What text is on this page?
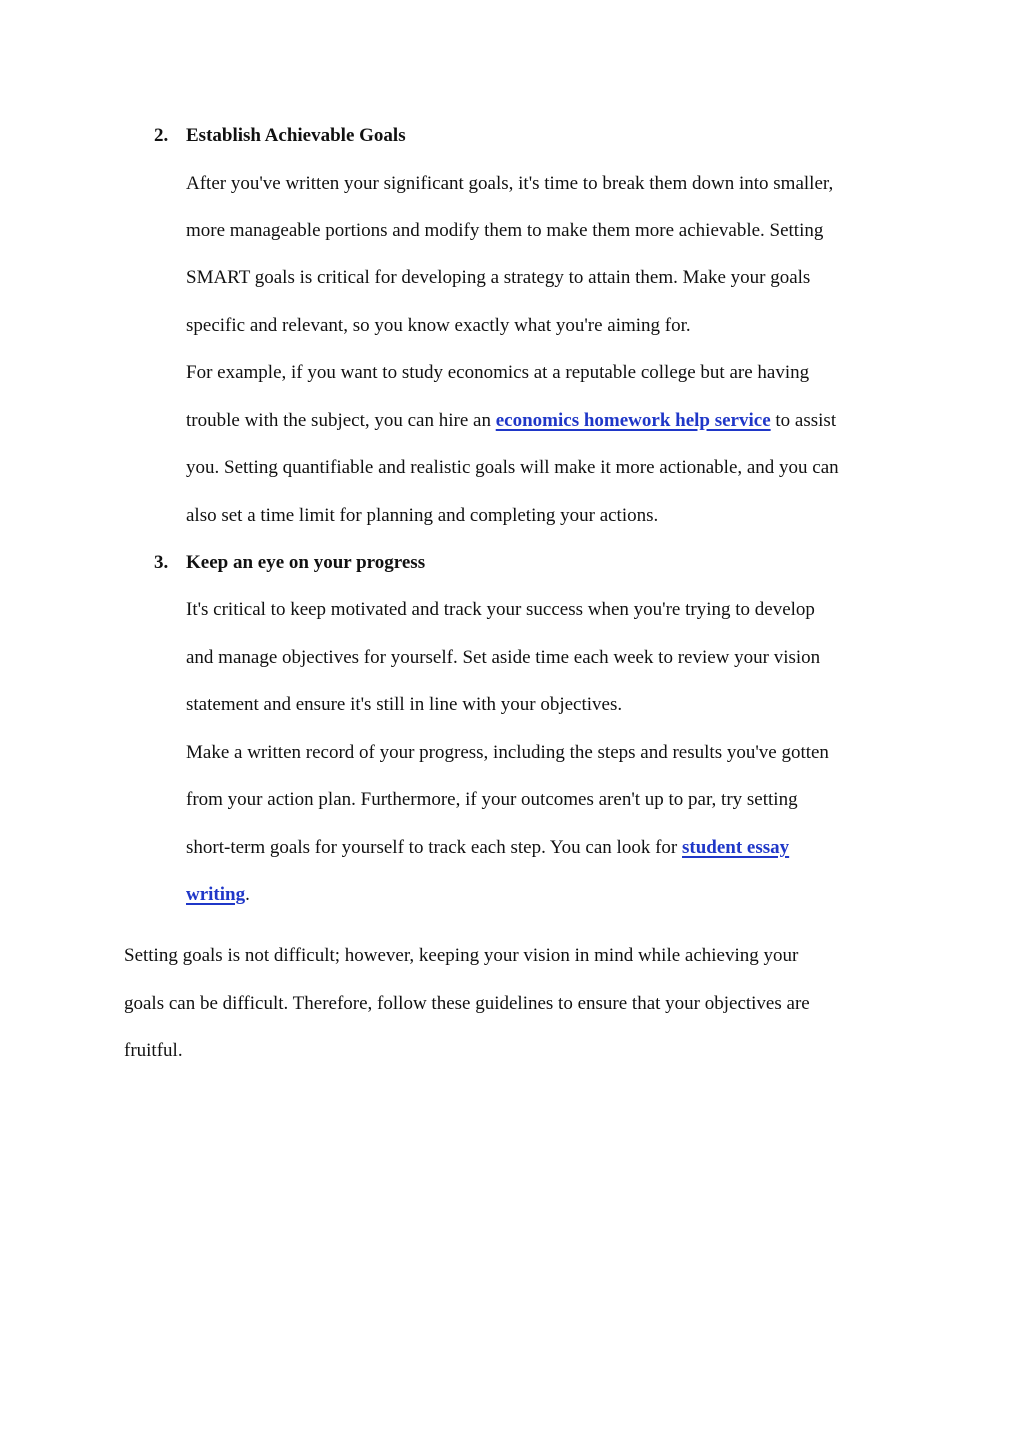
2. Establish Achievable Goals
After you've written your significant goals, it's time to break them down into smaller,
more manageable portions and modify them to make them more achievable. Setting
SMART goals is critical for developing a strategy to attain them. Make your goals
specific and relevant, so you know exactly what you're aiming for.
For example, if you want to study economics at a reputable college but are having
trouble with the subject, you can hire an economics homework help service to assist
you. Setting quantifiable and realistic goals will make it more actionable, and you can
also set a time limit for planning and completing your actions.
3. Keep an eye on your progress
It's critical to keep motivated and track your success when you're trying to develop
and manage objectives for yourself. Set aside time each week to review your vision
statement and ensure it's still in line with your objectives.
Make a written record of your progress, including the steps and results you've gotten
from your action plan. Furthermore, if your outcomes aren't up to par, try setting
short-term goals for yourself to track each step. You can look for student essay
writing.
Setting goals is not difficult; however, keeping your vision in mind while achieving your
goals can be difficult. Therefore, follow these guidelines to ensure that your objectives are
fruitful.
